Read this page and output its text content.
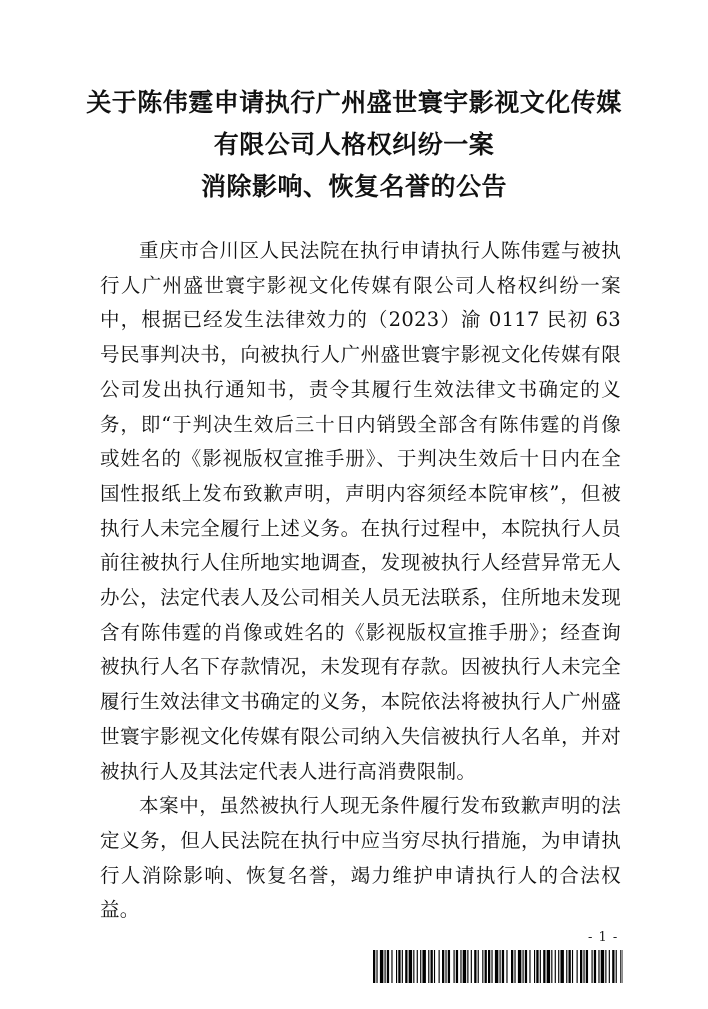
关于陈伟霆申请执行广州盛世寰宇影视文化传媒
有限公司人格权纠纷一案
消除影响、恢复名誉的公告

重庆市合川区人民法院在执行申请执行人陈伟霆与被执行人广州盛世寰宇影视文化传媒有限公司人格权纠纷一案中，根据已经发生法律效力的（2023）渝 0117 民初 63 号民事判决书，向被执行人广州盛世寰宇影视文化传媒有限公司发出执行通知书，责令其履行生效法律文书确定的义务，即“于判决生效后三十日内销毁全部含有陈伟霆的肖像或姓名的《影视版权宣推手册》、于判决生效后十日内在全国性报纸上发布致歉声明，声明内容须经本院审核”，但被执行人未完全履行上述义务。在执行过程中，本院执行人员前往被执行人住所地实地调查，发现被执行人经营异常无人办公，法定代表人及公司相关人员无法联系，住所地未发现含有陈伟霆的肖像或姓名的《影视版权宣推手册》；经查询被执行人名下存款情况，未发现有存款。因被执行人未完全履行生效法律文书确定的义务，本院依法将被执行人广州盛世寰宇影视文化传媒有限公司纳入失信被执行人名单，并对被执行人及其法定代表人进行高消费限制。

本案中，虽然被执行人现无条件履行发布致歉声明的法定义务，但人民法院在执行中应当穷尽执行措施，为申请执行人消除影响、恢复名誉，竭力维护申请执行人的合法权益。

- 1 -
